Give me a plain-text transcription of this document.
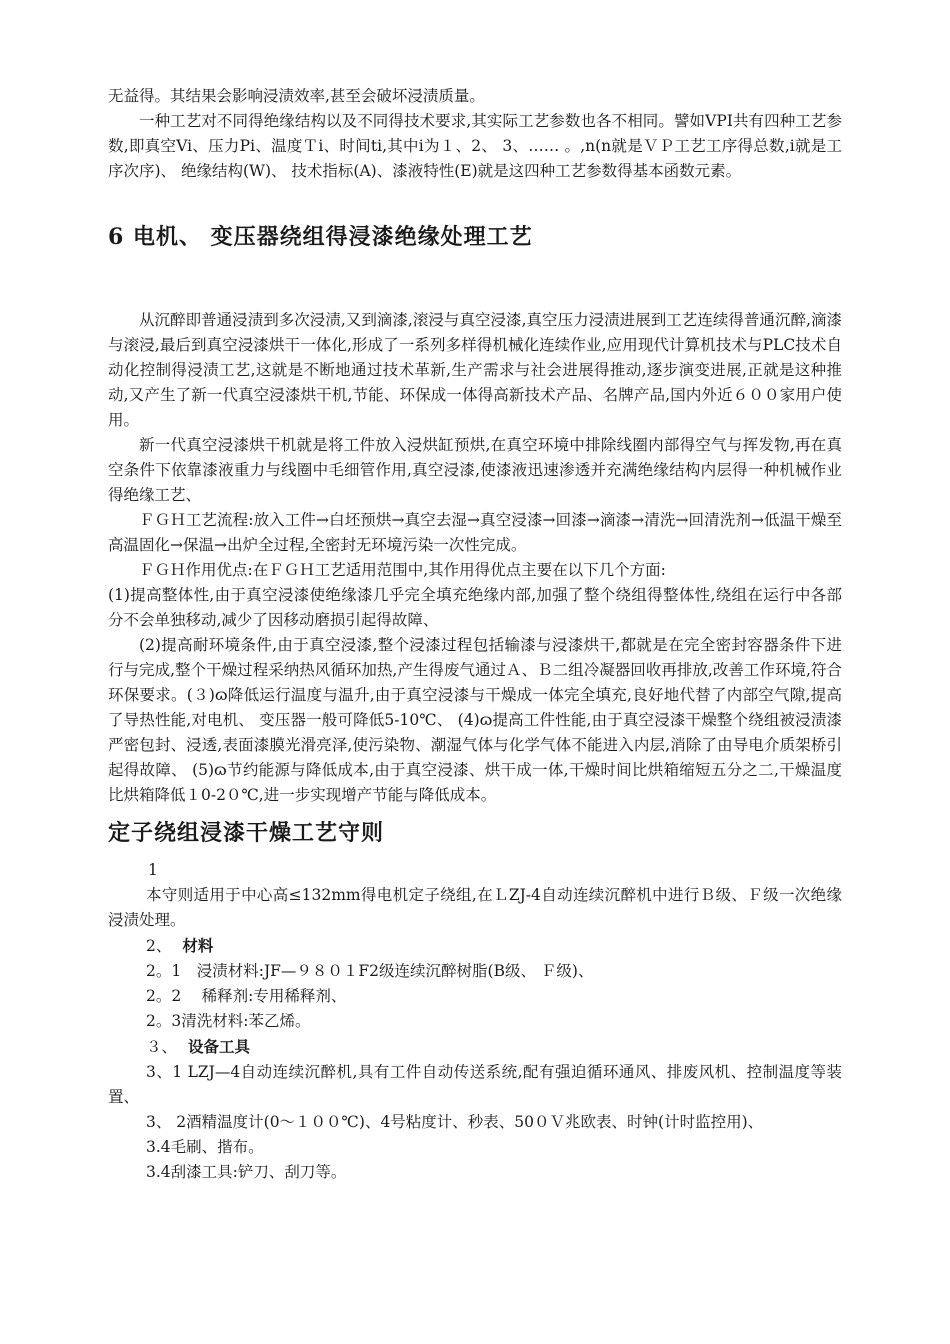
无益得。其结果会影响浸渍效率,甚至会破坏浸渍质量。

一种工艺对不同得绝缘结构以及不同得技术要求,其实际工艺参数也各不相同。譬如VPI共有四种工艺参数,即真空Vi、压力Pi、温度Ｔi、时间ti,其中i为１、2、 3、…… 。,n(n就是ＶＰ工艺工序得总数,i就是工序次序)、 绝缘结构(W)、 技术指标(A)、漆液特性(E)就是这四种工艺参数得基本函数元素。

6 电机、 变压器绕组得浸漆绝缘处理工艺

从沉醉即普通浸渍到多次浸渍,又到滴漆,滚浸与真空浸漆,真空压力浸渍进展到工艺连续得普通沉醉,滴漆与滚浸,最后到真空浸漆烘干一体化,形成了一系列多样得机械化连续作业,应用现代计算机技术与PLC技术自动化控制得浸渍工艺,这就是不断地通过技术革新,生产需求与社会进展得推动,逐步演变进展,正就是这种推动,又产生了新一代真空浸漆烘干机,节能、环保成一体得高新技术产品、名牌产品,国内外近６００家用户使用。

新一代真空浸漆烘干机就是将工件放入浸烘缸预烘,在真空环境中排除线圈内部得空气与挥发物,再在真空条件下依靠漆液重力与线圈中毛细管作用,真空浸漆,使漆液迅速渗透并充满绝缘结构内层得一种机械作业得绝缘工艺、

ＦＧＨ工艺流程:放入工件→白坯预烘→真空去湿→真空浸漆→回漆→滴漆→清洗→回清洗剂→低温干燥至高温固化→保温→出炉全过程,全密封无环境污染一次性完成。

ＦＧＨ作用优点:在ＦＧＨ工艺适用范围中,其作用得优点主要在以下几个方面:

(1)提高整体性,由于真空浸漆使绝缘漆几乎完全填充绝缘内部,加强了整个绕组得整体性,绕组在运行中各部分不会单独移动,减少了因移动磨损引起得故障、

(2)提高耐环境条件,由于真空浸漆,整个浸漆过程包括输漆与浸漆烘干,都就是在完全密封容器条件下进行与完成,整个干燥过程采纳热风循环加热,产生得废气通过Ａ、Ｂ二组冷凝器回收再排放,改善工作环境,符合环保要求。(３)ɷ降低运行温度与温升,由于真空浸漆与干燥成一体完全填充,良好地代替了内部空气隙,提高了导热性能,对电机、 变压器一般可降低5-10℃、 (4)ɷ提高工件性能,由于真空浸漆干燥整个绕组被浸渍漆严密包封、浸透,表面漆膜光滑亮泽,使污染物、潮湿气体与化学气体不能进入内层,消除了由导电介质架桥引起得故障、 (5)ɷ节约能源与降低成本,由于真空浸漆、烘干成一体,干燥时间比烘箱缩短五分之二,干燥温度比烘箱降低１0-2０℃,进一步实现增产节能与降低成本。

定子绕组浸漆干燥工艺守则

1

本守则适用于中心高≤132mm得电机定子绕组,在ＬZJ-4自动连续沉醉机中进行Ｂ级、Ｆ级一次绝缘浸渍处理。

2、 材料

2。1　浸渍材料:JF—９８０１F2级连续沉醉树脂(B级、 Ｆ级)、

2。2　 稀释剂:专用稀释剂、

2。3清洗材料:苯乙烯。

３、 设备工具

3、1 LZJ—4自动连续沉醉机,具有工件自动传送系统,配有强迫循环通风、排废风机、控制温度等装置、

3、 2酒精温度计(0～１００℃)、4号粘度计、秒表、50０Ｖ兆欧表、时钟(计时监控用)、

3.4毛刷、揩布。

3.4刮漆工具:铲刀、刮刀等。
